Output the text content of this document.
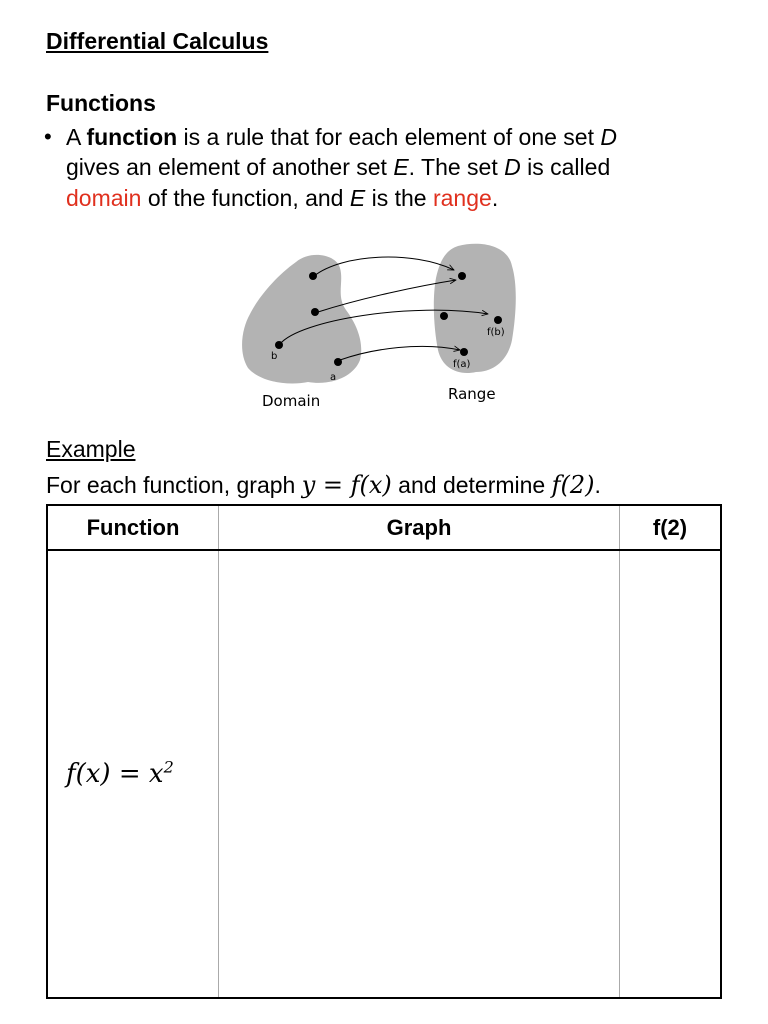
Differential Calculus
Functions
• A function is a rule that for each element of one set D
gives an element of another set E. The set D is called
domain of the function, and E is the range.
b
a
f(a)
f(b)
Domain	Range
Example
For each function, graph y = f(x) and determine f(2).
Function	Graph	f(2)
f(x) = x$^2$		
